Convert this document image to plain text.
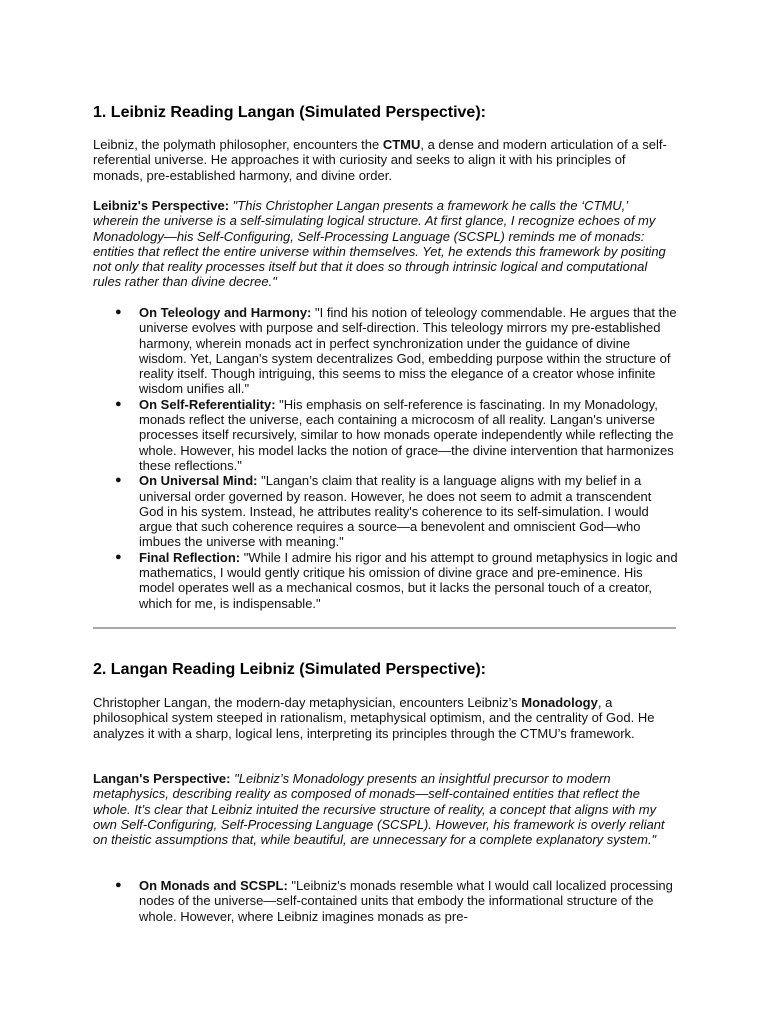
1. Leibniz Reading Langan (Simulated Perspective):

Leibniz, the polymath philosopher, encounters the CTMU, a dense and modern articulation of a self-referential universe. He approaches it with curiosity and seeks to align it with his principles of monads, pre-established harmony, and divine order.

Leibniz's Perspective: "This Christopher Langan presents a framework he calls the ‘CTMU,’ wherein the universe is a self-simulating logical structure. At first glance, I recognize echoes of my Monadology—his Self-Configuring, Self-Processing Language (SCSPL) reminds me of monads: entities that reflect the entire universe within themselves. Yet, he extends this framework by positing not only that reality processes itself but that it does so through intrinsic logical and computational rules rather than divine decree."

● On Teleology and Harmony: "I find his notion of teleology commendable. He argues that the universe evolves with purpose and self-direction. This teleology mirrors my pre-established harmony, wherein monads act in perfect synchronization under the guidance of divine wisdom. Yet, Langan's system decentralizes God, embedding purpose within the structure of reality itself. Though intriguing, this seems to miss the elegance of a creator whose infinite wisdom unifies all."
● On Self-Referentiality: "His emphasis on self-reference is fascinating. In my Monadology, monads reflect the universe, each containing a microcosm of all reality. Langan's universe processes itself recursively, similar to how monads operate independently while reflecting the whole. However, his model lacks the notion of grace—the divine intervention that harmonizes these reflections."
● On Universal Mind: "Langan’s claim that reality is a language aligns with my belief in a universal order governed by reason. However, he does not seem to admit a transcendent God in his system. Instead, he attributes reality's coherence to its self-simulation. I would argue that such coherence requires a source—a benevolent and omniscient God—who imbues the universe with meaning."
● Final Reflection: "While I admire his rigor and his attempt to ground metaphysics in logic and mathematics, I would gently critique his omission of divine grace and pre-eminence. His model operates well as a mechanical cosmos, but it lacks the personal touch of a creator, which for me, is indispensable."
2. Langan Reading Leibniz (Simulated Perspective):

Christopher Langan, the modern-day metaphysician, encounters Leibniz’s Monadology, a philosophical system steeped in rationalism, metaphysical optimism, and the centrality of God. He analyzes it with a sharp, logical lens, interpreting its principles through the CTMU’s framework.

Langan's Perspective: "Leibniz’s Monadology presents an insightful precursor to modern metaphysics, describing reality as composed of monads—self-contained entities that reflect the whole. It’s clear that Leibniz intuited the recursive structure of reality, a concept that aligns with my own Self-Configuring, Self-Processing Language (SCSPL). However, his framework is overly reliant on theistic assumptions that, while beautiful, are unnecessary for a complete explanatory system."

● On Monads and SCSPL: "Leibniz's monads resemble what I would call localized processing nodes of the universe—self-contained units that embody the informational structure of the whole. However, where Leibniz imagines monads as pre-
